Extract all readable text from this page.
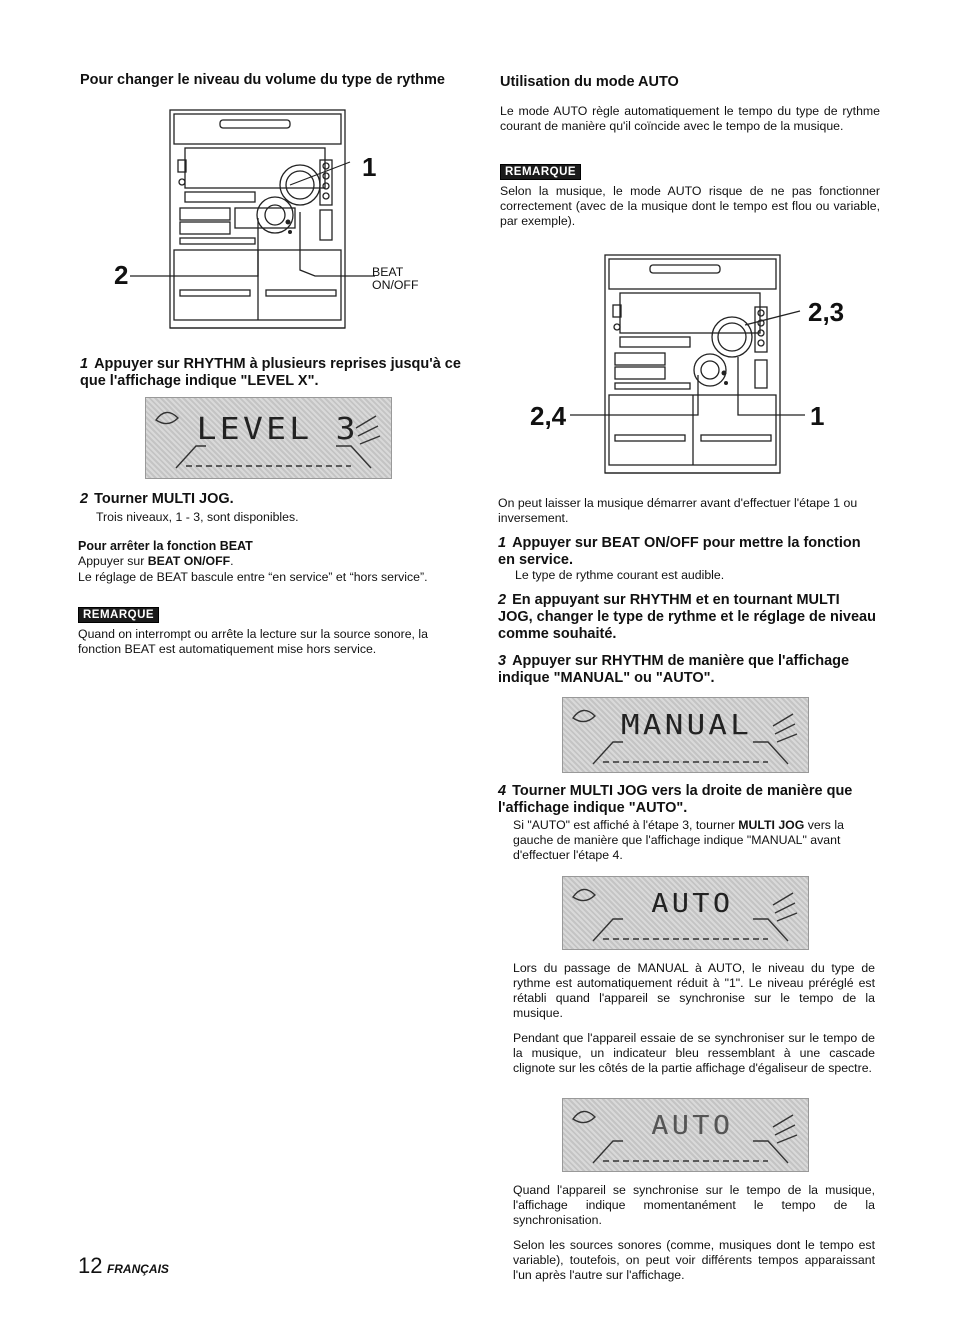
Pour changer le niveau du volume du type de rythme
1
2	BEAT
ON/OFF
1 Appuyer sur RHYTHM à plusieurs reprises jusqu'à ce que l'affichage indique "LEVEL X".
LEVEL 3
2 Tourner MULTI JOG.
Trois niveaux, 1 - 3, sont disponibles.
Pour arrêter la fonction BEAT
Appuyer sur BEAT ON/OFF.
Le réglage de BEAT bascule entre “en service” et “hors service”.
REMARQUE
Quand on interrompt ou arrête la lecture sur la source sonore, la fonction BEAT est automatiquement mise hors service.
Utilisation du mode AUTO
Le mode AUTO règle automatiquement le tempo du type de rythme courant de manière qu'il coïncide avec le tempo de la musique.
REMARQUE
Selon la musique, le mode AUTO risque de ne pas fonctionner correctement (avec de la musique dont le tempo est flou ou variable, par exemple).
2,3
2,4	1
On peut laisser la musique démarrer avant d'effectuer l'étape 1 ou inversement.
1 Appuyer sur BEAT ON/OFF pour mettre la fonction en service.
Le type de rythme courant est audible.
2 En appuyant sur RHYTHM et en tournant MULTI JOG, changer le type de rythme et le réglage de niveau comme souhaité.
3 Appuyer sur RHYTHM de manière que l'affichage indique "MANUAL" ou "AUTO".
MANUAL
4 Tourner MULTI JOG vers la droite de manière que l'affichage indique "AUTO".
Si "AUTO" est affiché à l'étape 3, tourner MULTI JOG vers la gauche de manière que l'affichage indique "MANUAL" avant d'effectuer l'étape 4.
AUTO
Lors du passage de MANUAL à AUTO, le niveau du type de rythme est automatiquement réduit à "1". Le niveau préréglé est rétabli quand l'appareil se synchronise sur le tempo de la musique.
Pendant que l'appareil essaie de se synchroniser sur le tempo de la musique, un indicateur bleu ressemblant à une cascade clignote sur les côtés de la partie affichage d'égaliseur de spectre.
AUTO
Quand l'appareil se synchronise sur le tempo de la musique, l'affichage indique momentanément le tempo de la synchronisation.
Selon les sources sonores (comme, musiques dont le tempo est variable), toutefois, on peut voir différents tempos apparaissant l'un après l'autre sur l'affichage.
12 FRANÇAIS
